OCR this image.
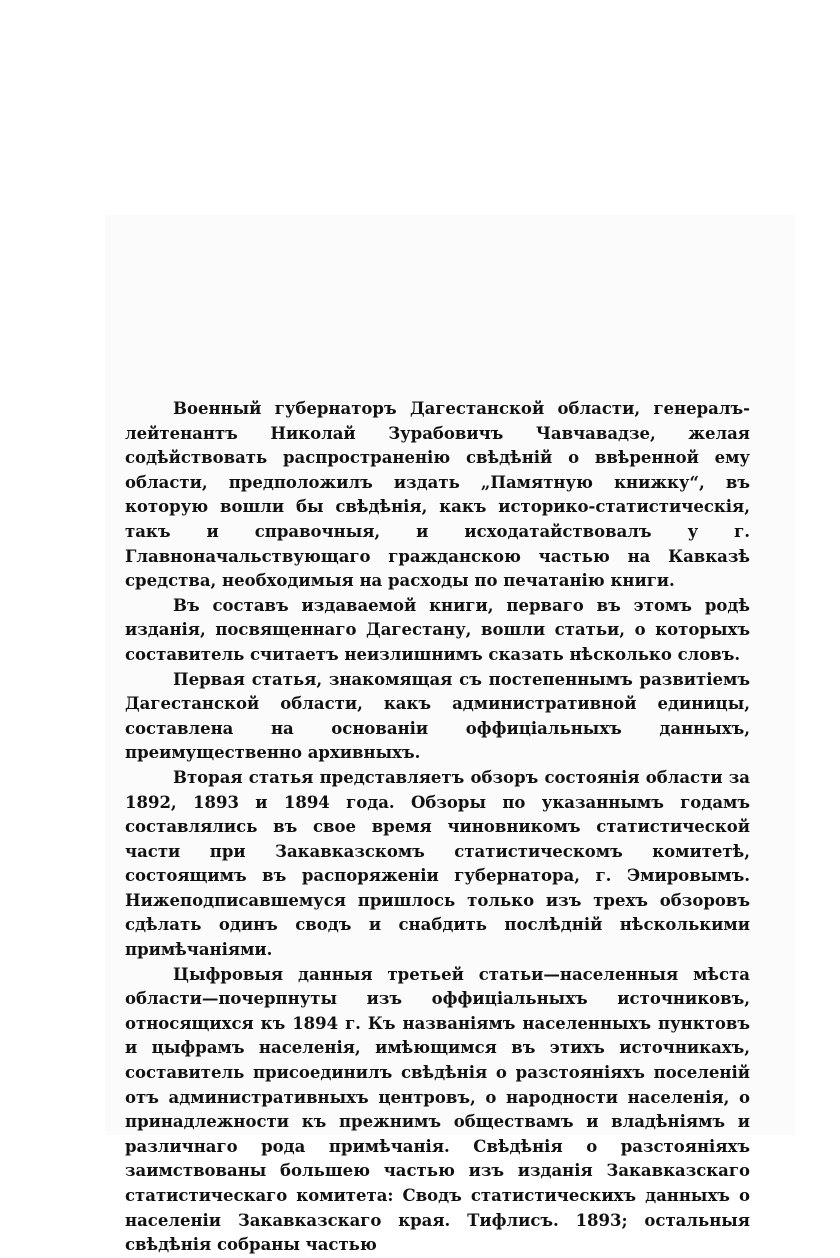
Военный губернаторъ Дагестанской области, генералъ-лейтенантъ Николай Зурабовичъ Чавчавадзе, желая содѣйствовать распространенію свѣдѣній о ввѣренной ему области, предположилъ издать „Памятную книжку“, въ которую вошли бы свѣдѣнія, какъ историко-статистическія, такъ и справочныя, и исходатайствовалъ у г. Главноначальствующаго гражданскою частью на Кавказѣ средства, необходимыя на расходы по печатанію книги.

Въ составъ издаваемой книги, перваго въ этомъ родѣ изданія, посвященнаго Дагестану, вошли статьи, о которыхъ составитель считаетъ неизлишнимъ сказать нѣсколько словъ.

Первая статья, знакомящая съ постепеннымъ развитіемъ Дагестанской области, какъ административной единицы, составлена на основаніи оффиціальныхъ данныхъ, преимущественно архивныхъ.

Вторая статья представляетъ обзоръ состоянія области за 1892, 1893 и 1894 года. Обзоры по указаннымъ годамъ составлялись въ свое время чиновникомъ статистической части при Закавказскомъ статистическомъ комитетѣ, состоящимъ въ распоряженіи губернатора, г. Эмировымъ. Нижеподписавшемуся пришлось только изъ трехъ обзоровъ сдѣлать одинъ сводъ и снабдить послѣдній нѣсколькими примѣчаніями.

Цыфровыя данныя третьей статьи—населенныя мѣста области—почерпнуты изъ оффиціальныхъ источниковъ, относящихся къ 1894 г. Къ названіямъ населенныхъ пунктовъ и цыфрамъ населенія, имѣющимся въ этихъ источникахъ, составитель присоединилъ свѣдѣнія о разстояніяхъ поселеній отъ административныхъ центровъ, о народности населенія, о принадлежности къ прежнимъ обществамъ и владѣніямъ и различнаго рода примѣчанія. Свѣдѣнія о разстояніяхъ заимствованы большею частью изъ изданія Закавказскаго статистическаго комитета: Сводъ статистическихъ данныхъ о населеніи Закавказскаго края. Тифлисъ. 1893; остальныя свѣдѣнія собраны частью
